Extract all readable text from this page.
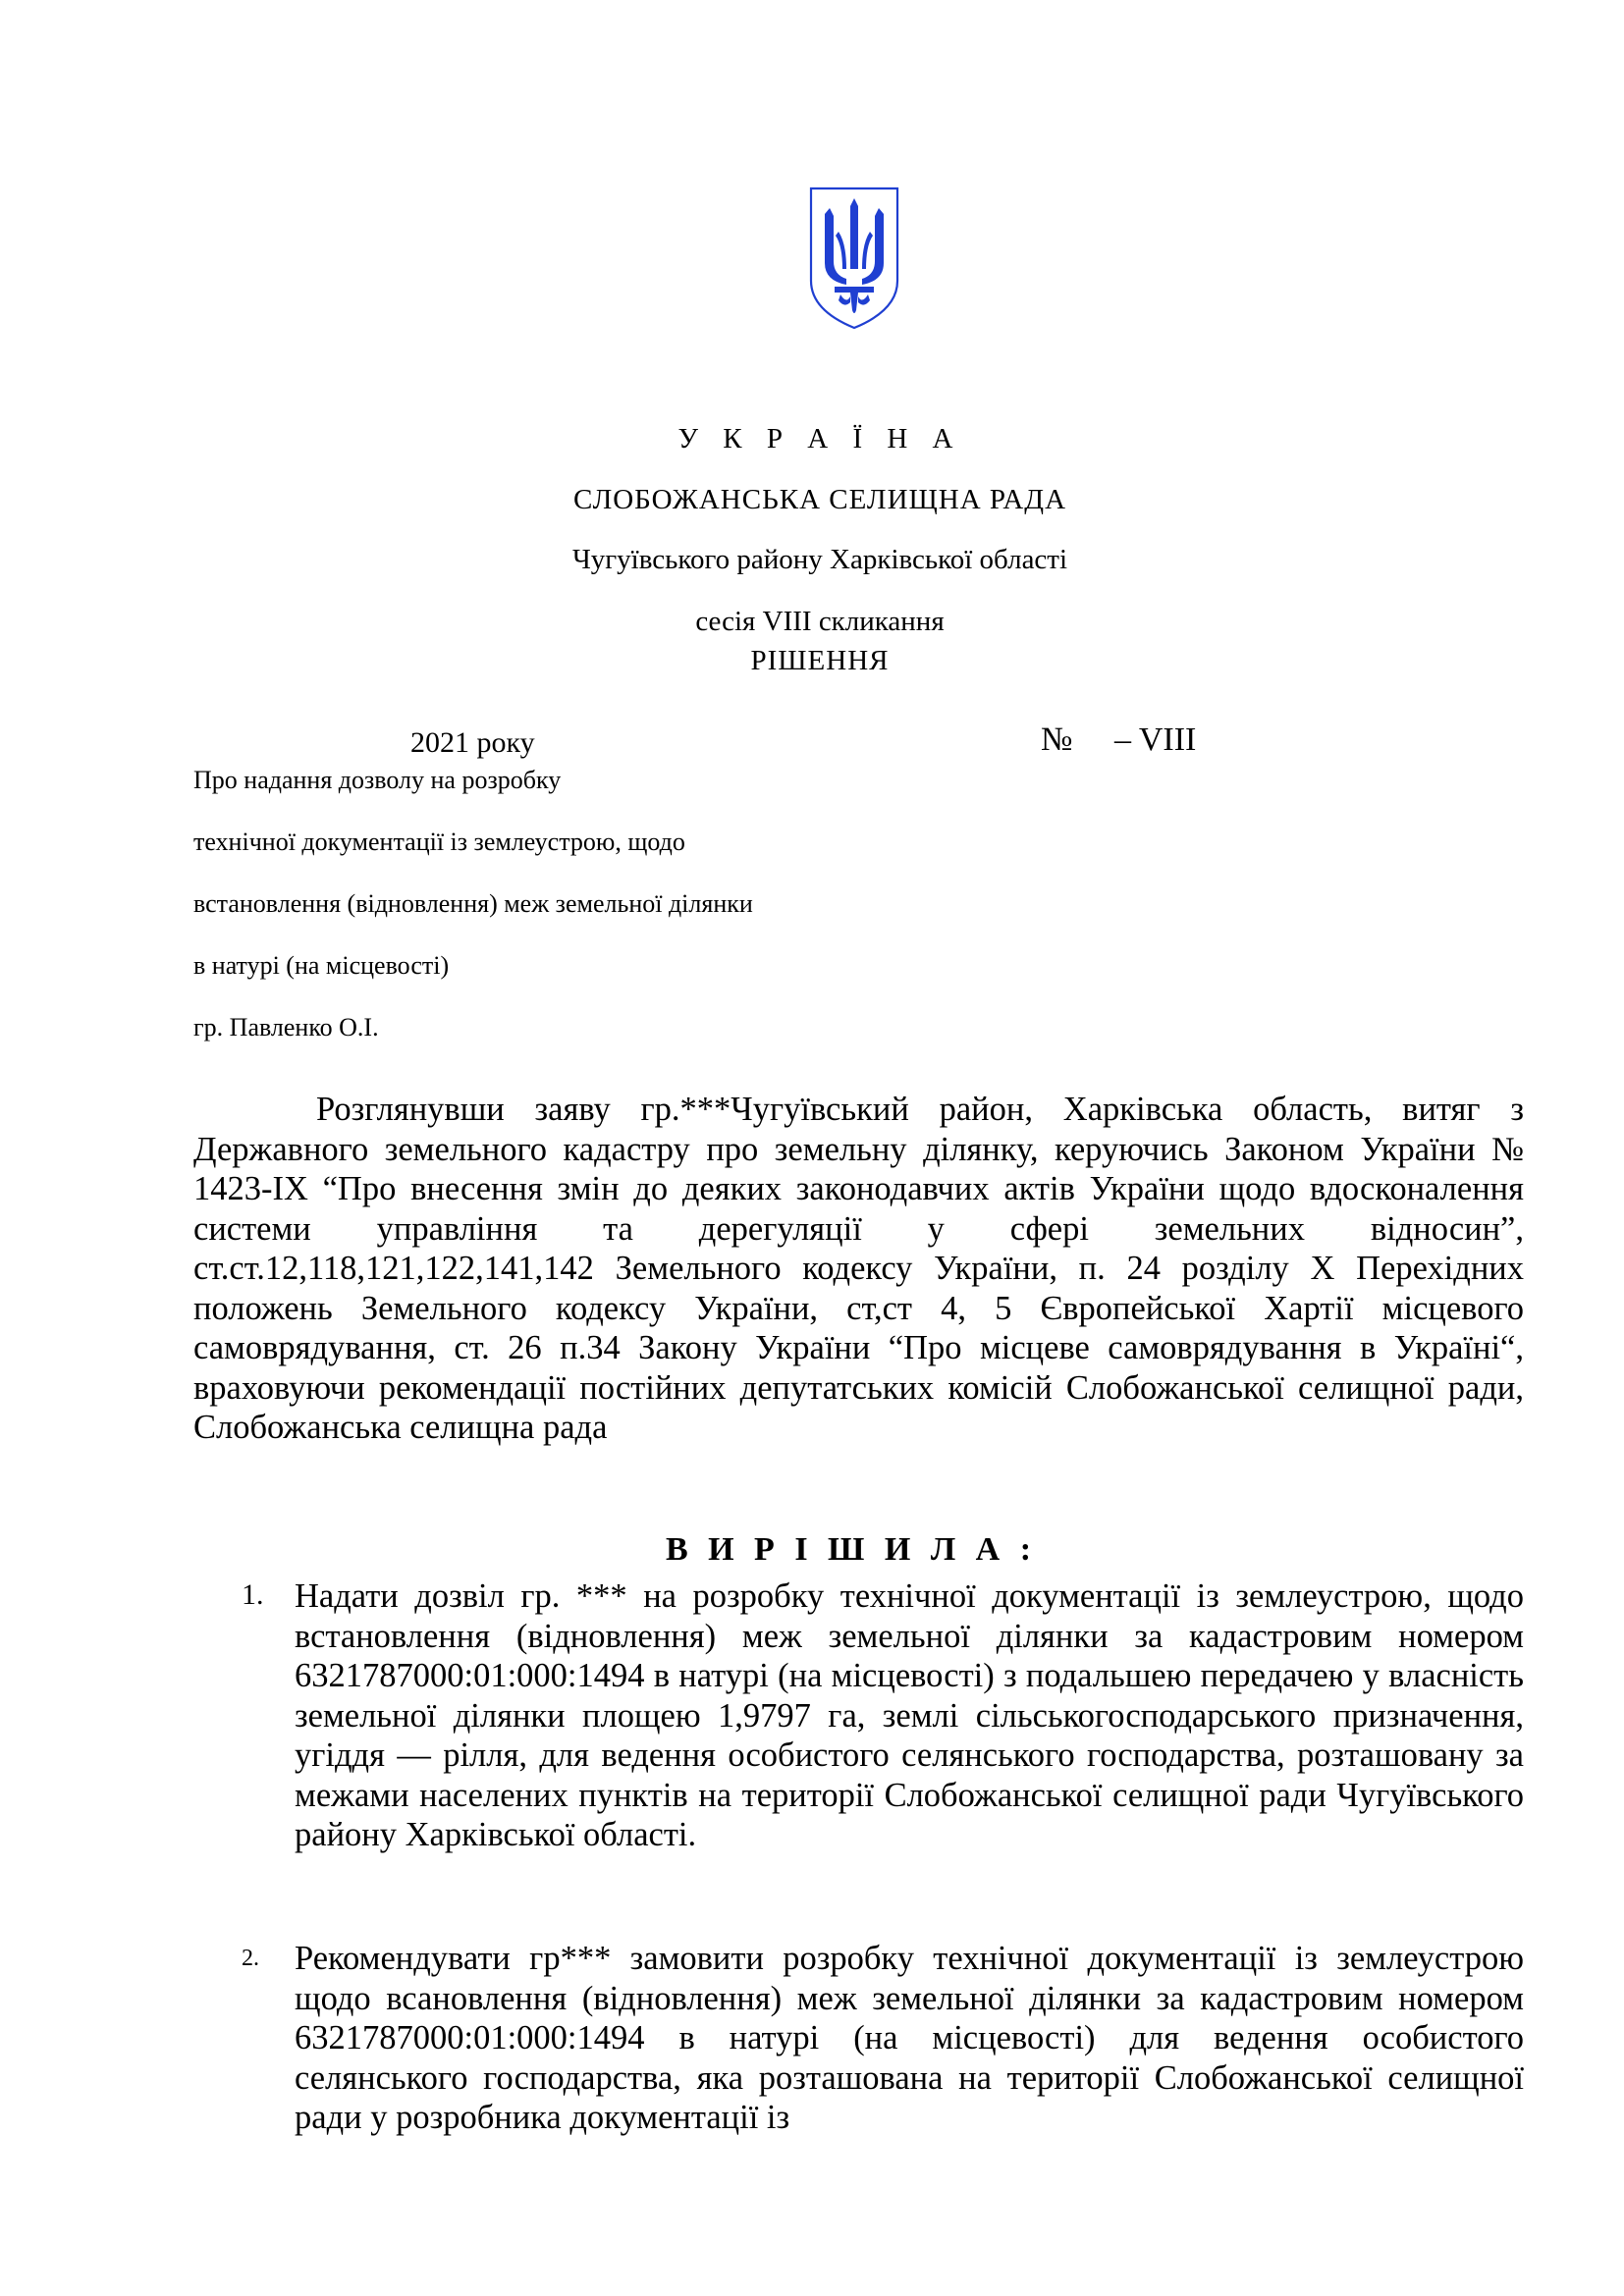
У К Р А Ї Н А
СЛОБОЖАНСЬКА СЕЛИЩНА РАДА
Чугуївського району Харківської області
сесія VIII скликання
РІШЕННЯ
2021 року	№     – VIII
Про надання дозволу на розробку
технічної документації із землеустрою, щодо
встановлення (відновлення) меж земельної ділянки
в натурі (на місцевості)
гр. Павленко О.І.

Розглянувши заяву гр.***Чугуївський район, Харківська область, витяг з Державного земельного кадастру про земельну ділянку, керуючись Законом України № 1423-IX “Про внесення змін до деяких законодавчих актів України щодо вдосконалення системи управління та дерегуляції у сфері земельних відносин”, ст.ст.12,118,121,122,141,142 Земельного кодексу України, п. 24 розділу Х Перехідних положень Земельного кодексу України, ст,ст 4, 5 Європейської Хартії місцевого самоврядування, ст. 26 п.34 Закону України “Про місцеве самоврядування в Україні“, враховуючи рекомендації постійних депутатських комісій Слобожанської селищної ради, Слобожанська селищна рада

В И Р І Ш И Л А :
1. Надати дозвіл гр. *** на розробку технічної документації із землеустрою, щодо встановлення (відновлення) меж земельної ділянки за кадастровим номером 6321787000:01:000:1494 в натурі (на місцевості) з подальшею передачею у власність земельної ділянки площею 1,9797 га, землі сільськогосподарського призначення, угіддя — рілля, для ведення особистого селянського господарства, розташовану за межами населених пунктів на території Слобожанської селищної ради Чугуївського району Харківської області.
2. Рекомендувати гр*** замовити розробку технічної документації із землеустрою щодо всановлення (відновлення) меж земельної ділянки за кадастровим номером 6321787000:01:000:1494 в натурі (на місцевості) для ведення особистого селянського господарства, яка розташована на території Слобожанської селищної ради у розробника документації із
